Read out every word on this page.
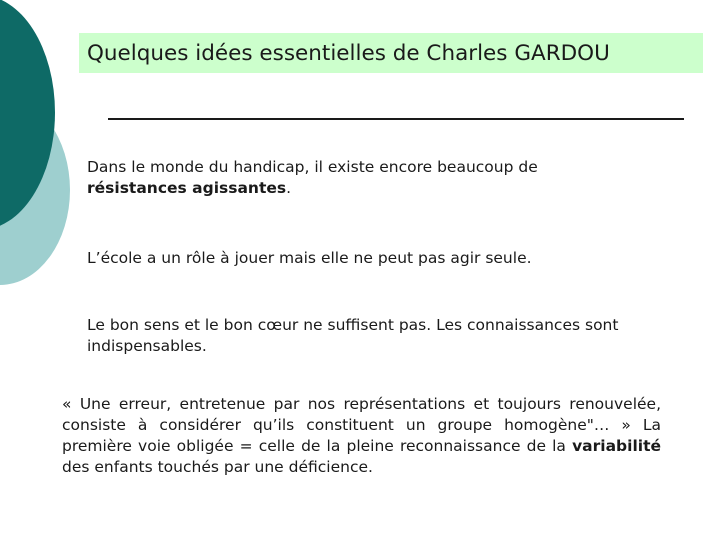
Quelques idées essentielles de Charles GARDOU

Dans le monde du handicap, il existe encore beaucoup de
résistances agissantes.

L’école a un rôle à jouer mais elle ne peut pas agir seule.

Le bon sens et le bon cœur ne suffisent pas. Les connaissances sont indispensables.

« Une erreur, entretenue par nos représentations et toujours renouvelée, consiste à considérer qu’ils constituent un groupe homogène"… » La première voie obligée = celle de la pleine reconnaissance de la variabilité des enfants touchés par une déficience.
